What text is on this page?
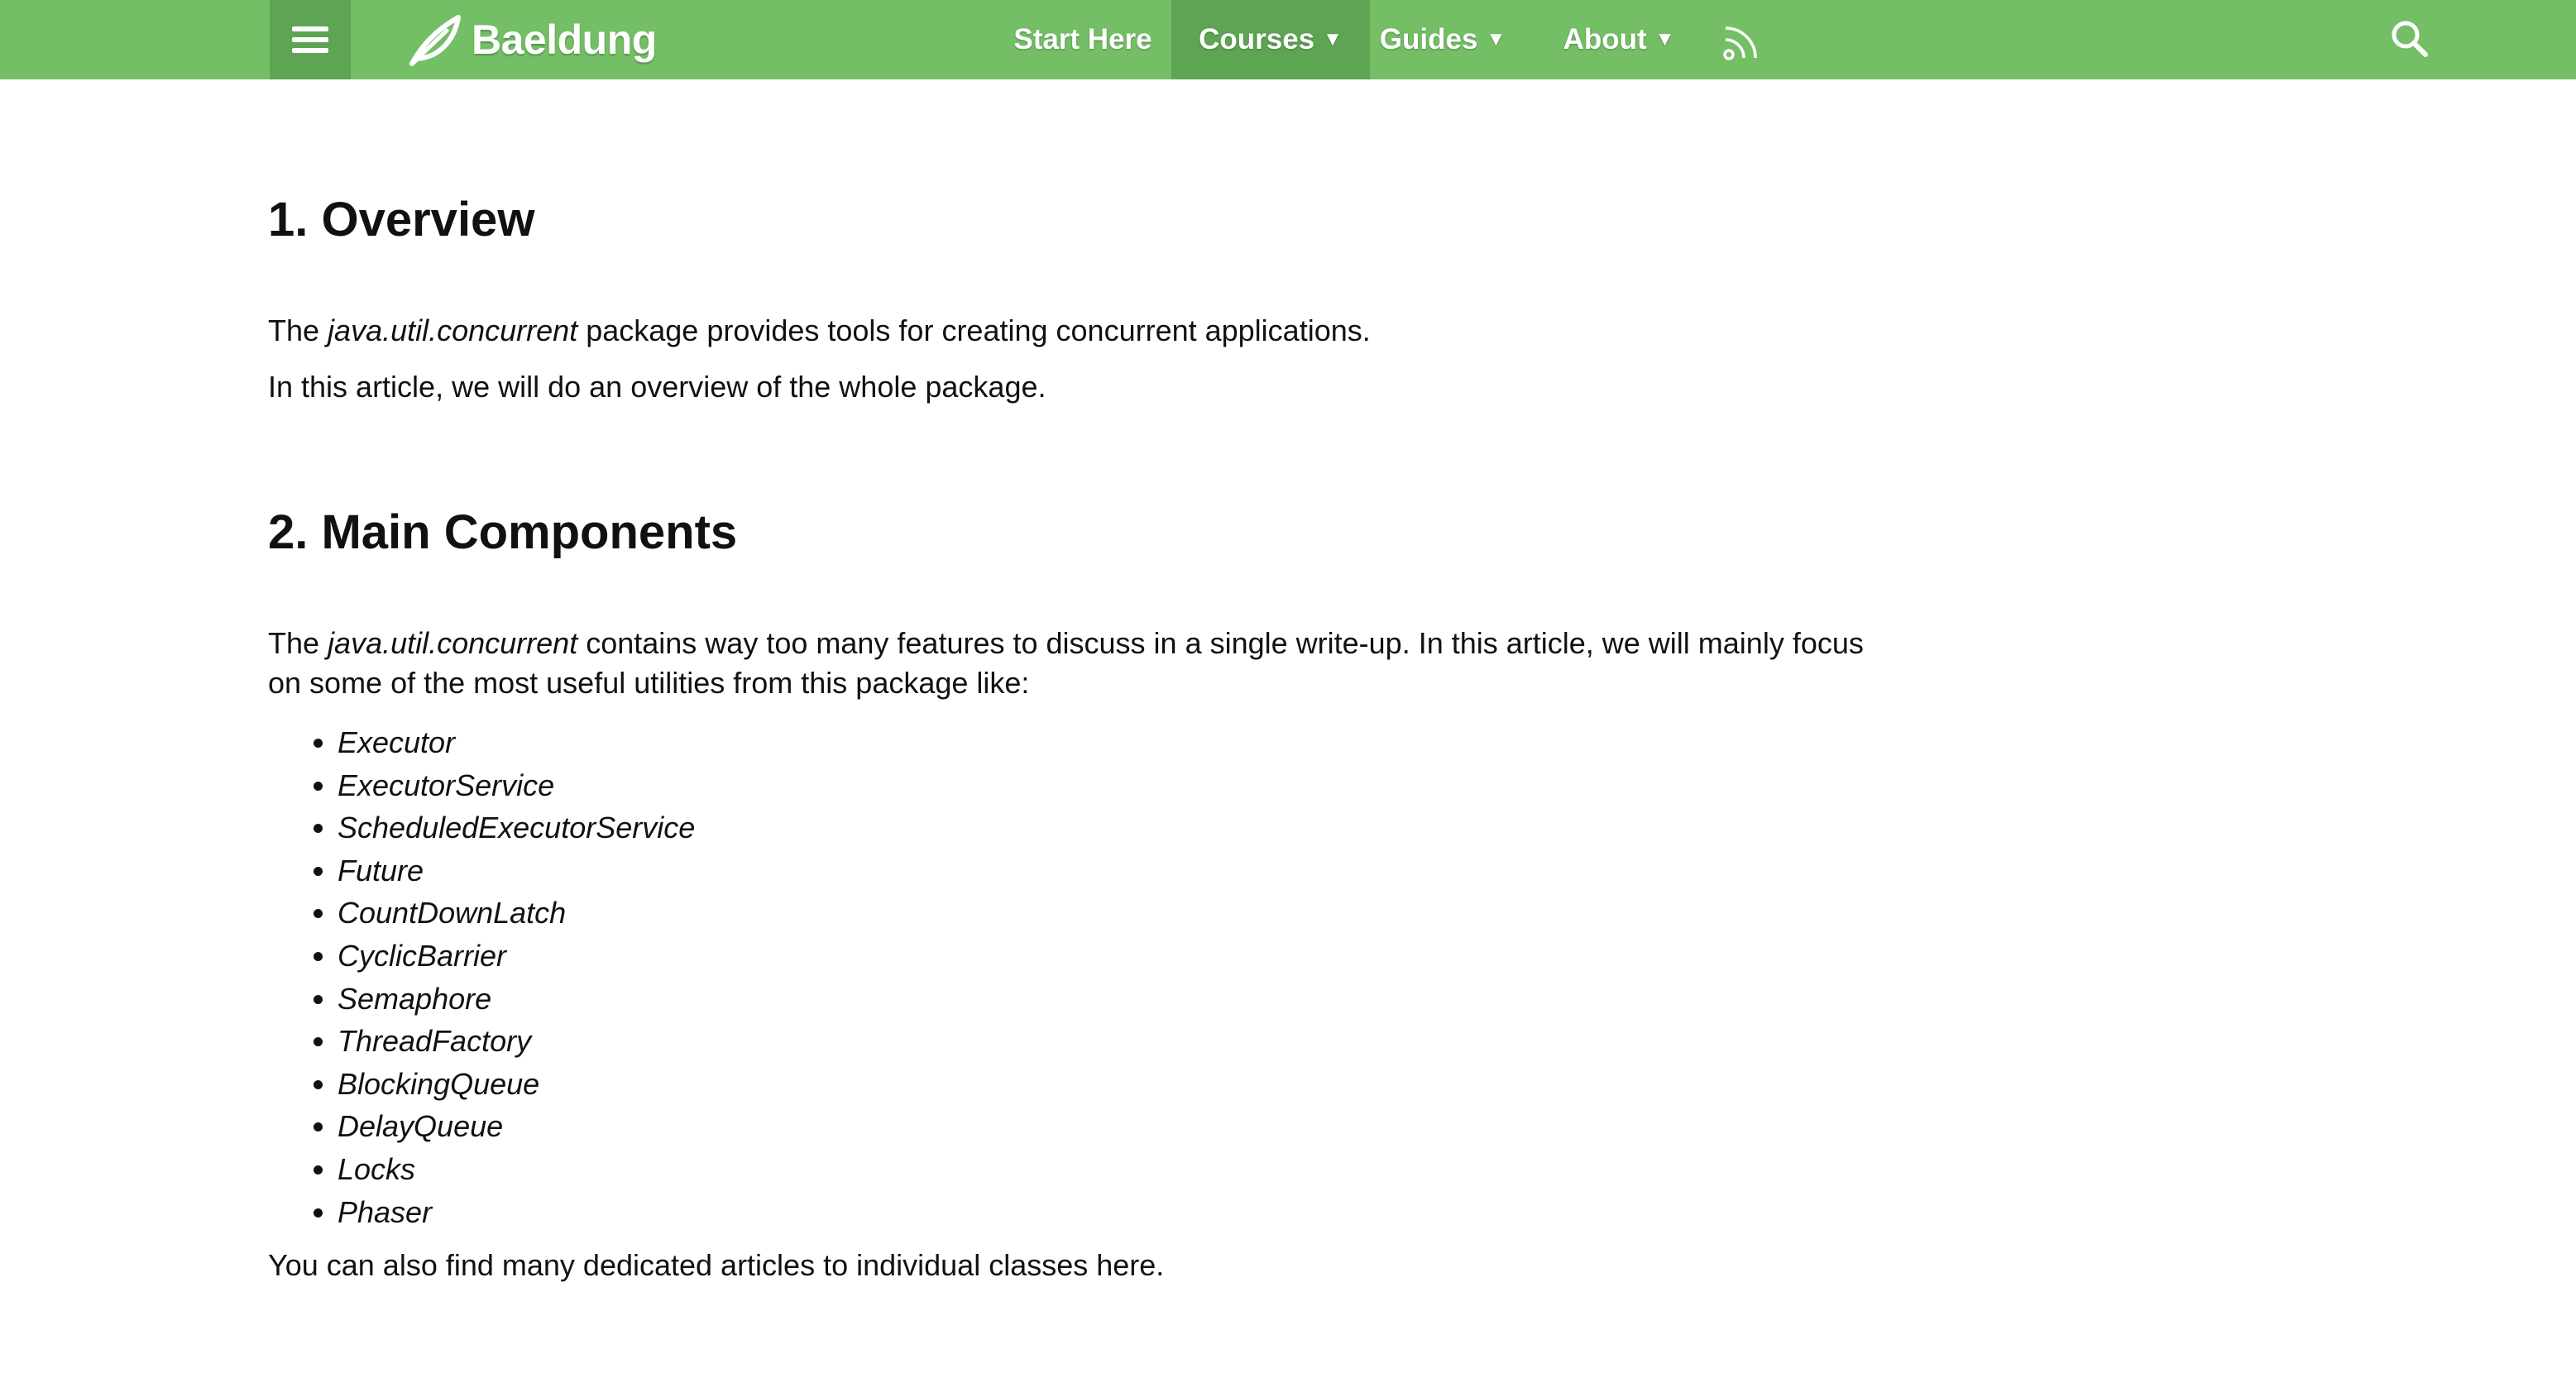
Baeldung	Start Here Courses ▼ Guides ▼ About ▼
1. Overview

The java.util.concurrent package provides tools for creating concurrent applications.

In this article, we will do an overview of the whole package.

2. Main Components

The java.util.concurrent contains way too many features to discuss in a single write-up. In this article, we will mainly focus on some of the most useful utilities from this package like:

• Executor
• ExecutorService
• ScheduledExecutorService
• Future
• CountDownLatch
• CyclicBarrier
• Semaphore
• ThreadFactory
• BlockingQueue
• DelayQueue
• Locks
• Phaser

You can also find many dedicated articles to individual classes here.
